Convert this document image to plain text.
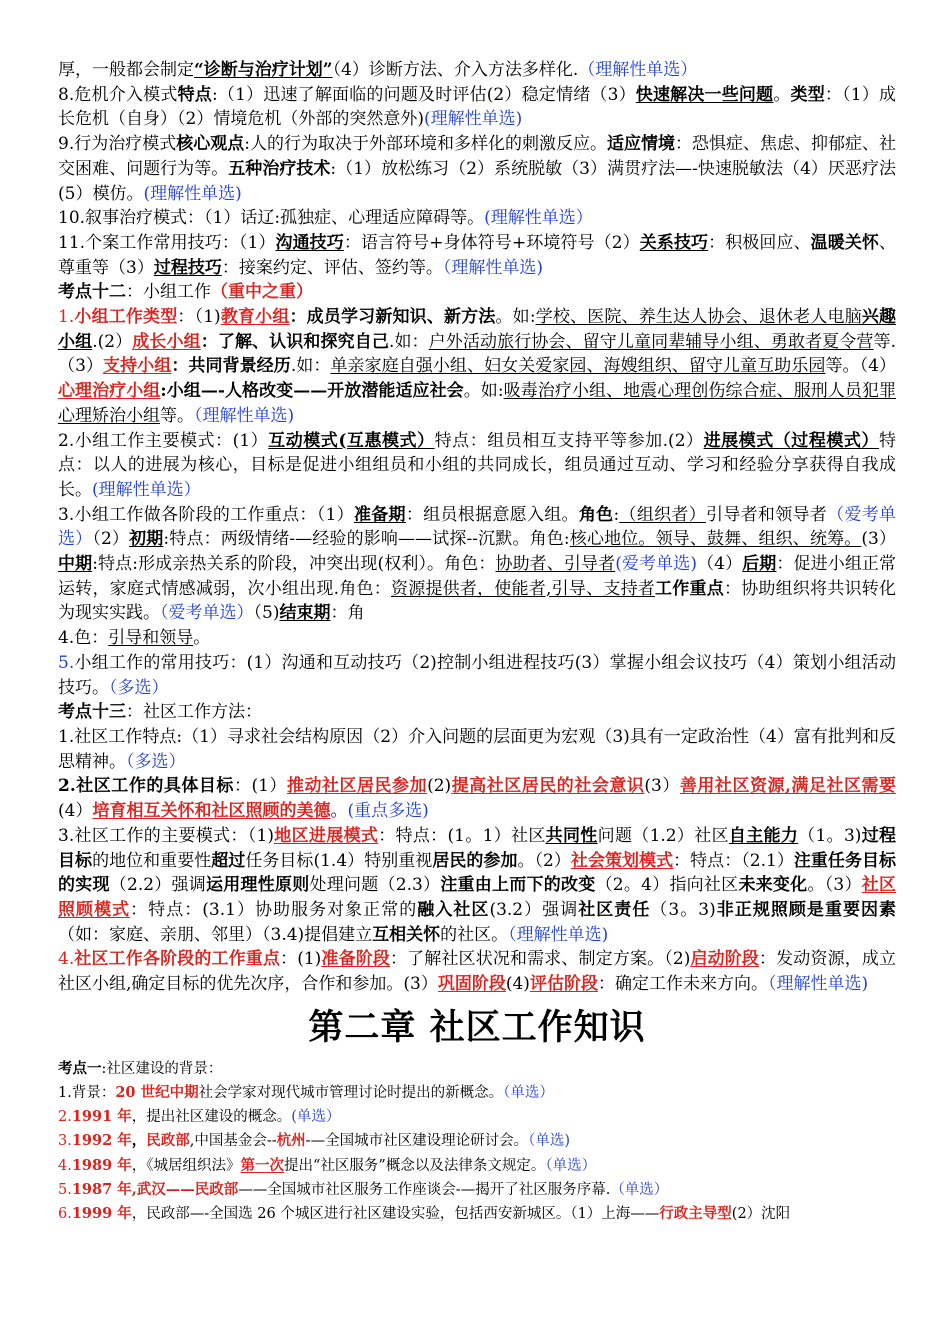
厚，一般都会制定“诊断与治疗计划”（4）诊断方法、介入方法多样化.（理解性单选）

8.危机介入模式特点:（1）迅速了解面临的问题及时评估(2）稳定情绪（3）快速解决一些问题。类型：（1）成长危机（自身）（2）情境危机（外部的突然意外)(理解性单选)

9.行为治疗模式核心观点:人的行为取决于外部环境和多样化的刺激反应。适应情境：恐惧症、焦虑、抑郁症、社交困难、问题行为等。五种治疗技术:（1）放松练习（2）系统脱敏（3）满贯疗法—-快速脱敏法（4）厌恶疗法(5）模仿。(理解性单选)

10.叙事治疗模式：（1）话辽:孤独症、心理适应障碍等。(理解性单选）

11.个案工作常用技巧：（1）沟通技巧：语言符号+身体符号+环境符号（2）关系技巧：积极回应、温暖关怀、尊重等（3）过程技巧：接案约定、评估、签约等。（理解性单选)

考点十二：小组工作（重中之重）

1.小组工作类型：（1)教育小组：成员学习新知识、新方法。如:学校、医院、养生达人协会、退休老人电脑兴趣小组.(2）成长小组：了解、认识和探究自己.如：户外活动旅行协会、留守儿童同辈辅导小组、勇敢者夏令营等.（3）支持小组：共同背景经历.如：单亲家庭自强小组、妇女关爱家园、海嫂组织、留守儿童互助乐园等。（4）心理治疗小组:小组—-人格改变——开放潜能适应社会。如:吸毒治疗小组、地震心理创伤综合症、服刑人员犯罪心理矫治小组等。（理解性单选)

2.小组工作主要模式：(1）互动模式(互惠模式）特点：组员相互支持平等参加.(2）进展模式（过程模式）特点：以人的进展为核心，目标是促进小组组员和小组的共同成长，组员通过互动、学习和经验分享获得自我成长。(理解性单选）

3.小组工作做各阶段的工作重点：（1）准备期：组员根据意愿入组。角色:（组织者）引导者和领导者（爱考单选）（2）初期:特点：两级情绪-—经验的影响——试探--沉默。角色:核心地位。领导、鼓舞、组织、统筹。(3）中期:特点:形成亲热关系的阶段，冲突出现(权利）。角色：协助者、引导者(爱考单选)（4）后期：促进小组正常运转，家庭式情感减弱，次小组出现.角色：资源提供者，使能者,引导、支持者工作重点：协助组织将共识转化为现实实践。（爱考单选）（5)结束期：角

4.色：引导和领导。

5.小组工作的常用技巧：(1）沟通和互动技巧（2)控制小组进程技巧(3）掌握小组会议技巧（4）策划小组活动技巧。（多选）

考点十三：社区工作方法：

1.社区工作特点:（1）寻求社会结构原因（2）介入问题的层面更为宏观（3)具有一定政治性（4）富有批判和反思精神。（多选）

2.社区工作的具体目标：(1）推动社区居民参加(2)提高社区居民的社会意识(3）善用社区资源,满足社区需要(4）培育相互关怀和社区照顾的美德。(重点多选)

3.社区工作的主要模式：（1)地区进展模式：特点：(1。1）社区共同性问题（1.2）社区自主能力（1。3)过程目标的地位和重要性超过任务目标(1.4）特别重视居民的参加。（2）社会策划模式：特点：（2.1）注重任务目标的实现（2.2）强调运用理性原则处理问题（2.3）注重由上而下的改变（2。4）指向社区未来变化。（3）社区照顾模式：特点：(3.1）协助服务对象正常的融入社区(3.2）强调社区责任（3。3)非正规照顾是重要因素（如：家庭、亲朋、邻里）（3.4)提倡建立互相关怀的社区。（理解性单选)

4.社区工作各阶段的工作重点：(1)准备阶段：了解社区状况和需求、制定方案。（2)启动阶段：发动资源，成立社区小组,确定目标的优先次序，合作和参加。(3）巩固阶段(4)评估阶段：确定工作未来方向。（理解性单选)

第二章 社区工作知识

考点一:社区建设的背景：

1.背景：20 世纪中期社会学家对现代城市管理讨论时提出的新概念。（单选）

2.1991 年，提出社区建设的概念。(单选）

3.1992 年，民政部,中国基金会--杭州-—全国城市社区建设理论研讨会。（单选)

4.1989 年，《城居组织法》第一次提出“社区服务”概念以及法律条文规定。（单选）

5.1987 年,武汉——民政部——全国城市社区服务工作座谈会-—揭开了社区服务序幕.（单选）

6.1999 年，民政部—-全国选 26 个城区进行社区建设实验，包括西安新城区。（1）上海——行政主导型(2）沈阳
